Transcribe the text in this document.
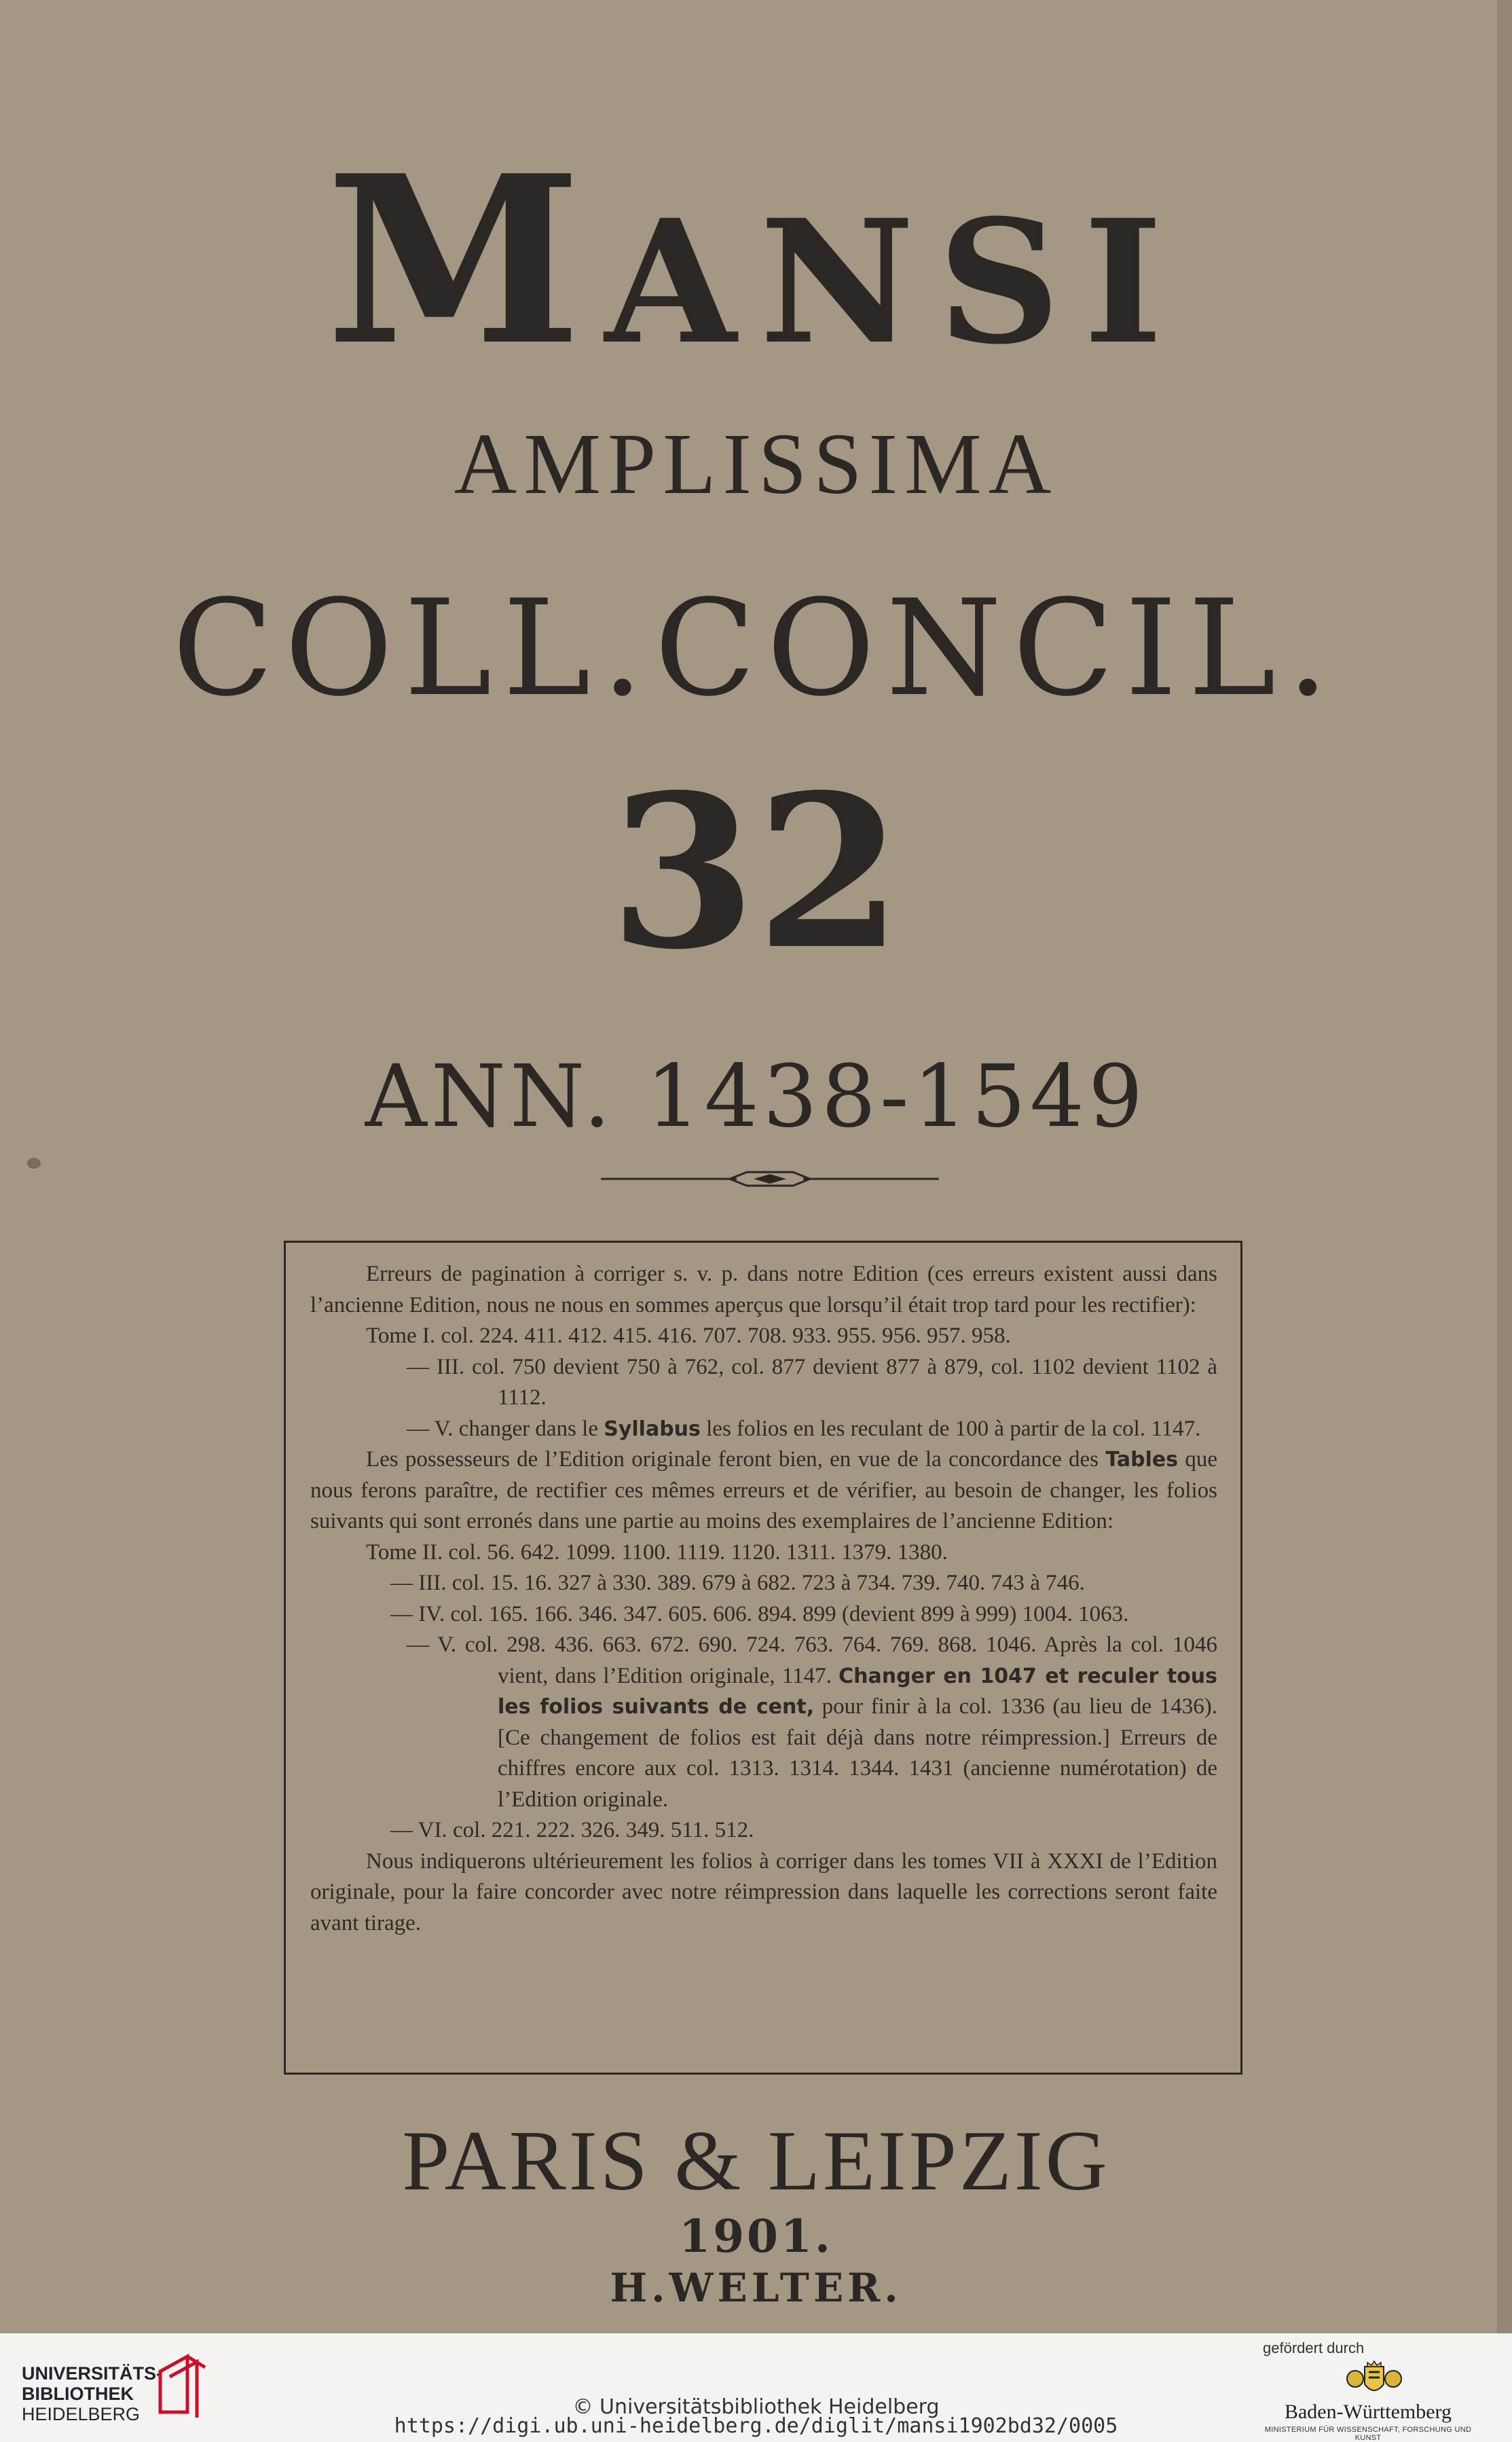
MANSI
AMPLISSIMA
COLL.CONCIL.
32
ANN. 1438-1549

Erreurs de pagination à corriger s. v. p. dans notre Edition (ces erreurs existent aussi dans l’ancienne Edition, nous ne nous en sommes aperçus que lorsqu’il était trop tard pour les rectifier):

Tome I. col. 224. 411. 412. 415. 416. 707. 708. 933. 955. 956. 957. 958.

— III. col. 750 devient 750 à 762, col. 877 devient 877 à 879, col. 1102 devient 1102 à 1112.

— V. changer dans le Syllabus les folios en les reculant de 100 à partir de la col. 1147.

Les possesseurs de l’Edition originale feront bien, en vue de la concordance des Tables que nous ferons paraître, de rectifier ces mêmes erreurs et de vérifier, au besoin de changer, les folios suivants qui sont erronés dans une partie au moins des exemplaires de l’ancienne Edition:

Tome II. col. 56. 642. 1099. 1100. 1119. 1120. 1311. 1379. 1380.

— III. col. 15. 16. 327 à 330. 389. 679 à 682. 723 à 734. 739. 740. 743 à 746.

— IV. col. 165. 166. 346. 347. 605. 606. 894. 899 (devient 899 à 999) 1004. 1063.

— V. col. 298. 436. 663. 672. 690. 724. 763. 764. 769. 868. 1046. Après la col. 1046 vient, dans l’Edition originale, 1147. Changer en 1047 et reculer tous les folios suivants de cent, pour finir à la col. 1336 (au lieu de 1436). [Ce changement de folios est fait déjà dans notre réimpression.] Erreurs de chiffres encore aux col. 1313. 1314. 1344. 1431 (ancienne numérotation) de l’Edition originale.

— VI. col. 221. 222. 326. 349. 511. 512.

Nous indiquerons ultérieurement les folios à corriger dans les tomes VII à XXXI de l’Edition originale, pour la faire concorder avec notre réimpression dans laquelle les corrections seront faite avant tirage.

PARIS & LEIPZIG
1901.
H.WELTER.
UNIVERSITÄTS-
BIBLIOTHEK
HEIDELBERG	© Universitätsbibliothek Heidelberg
https://digi.ub.uni-heidelberg.de/diglit/mansi1902bd32/0005
gefördert durch
Baden-Württemberg
MINISTERIUM FÜR WISSENSCHAFT, FORSCHUNG UND KUNST
